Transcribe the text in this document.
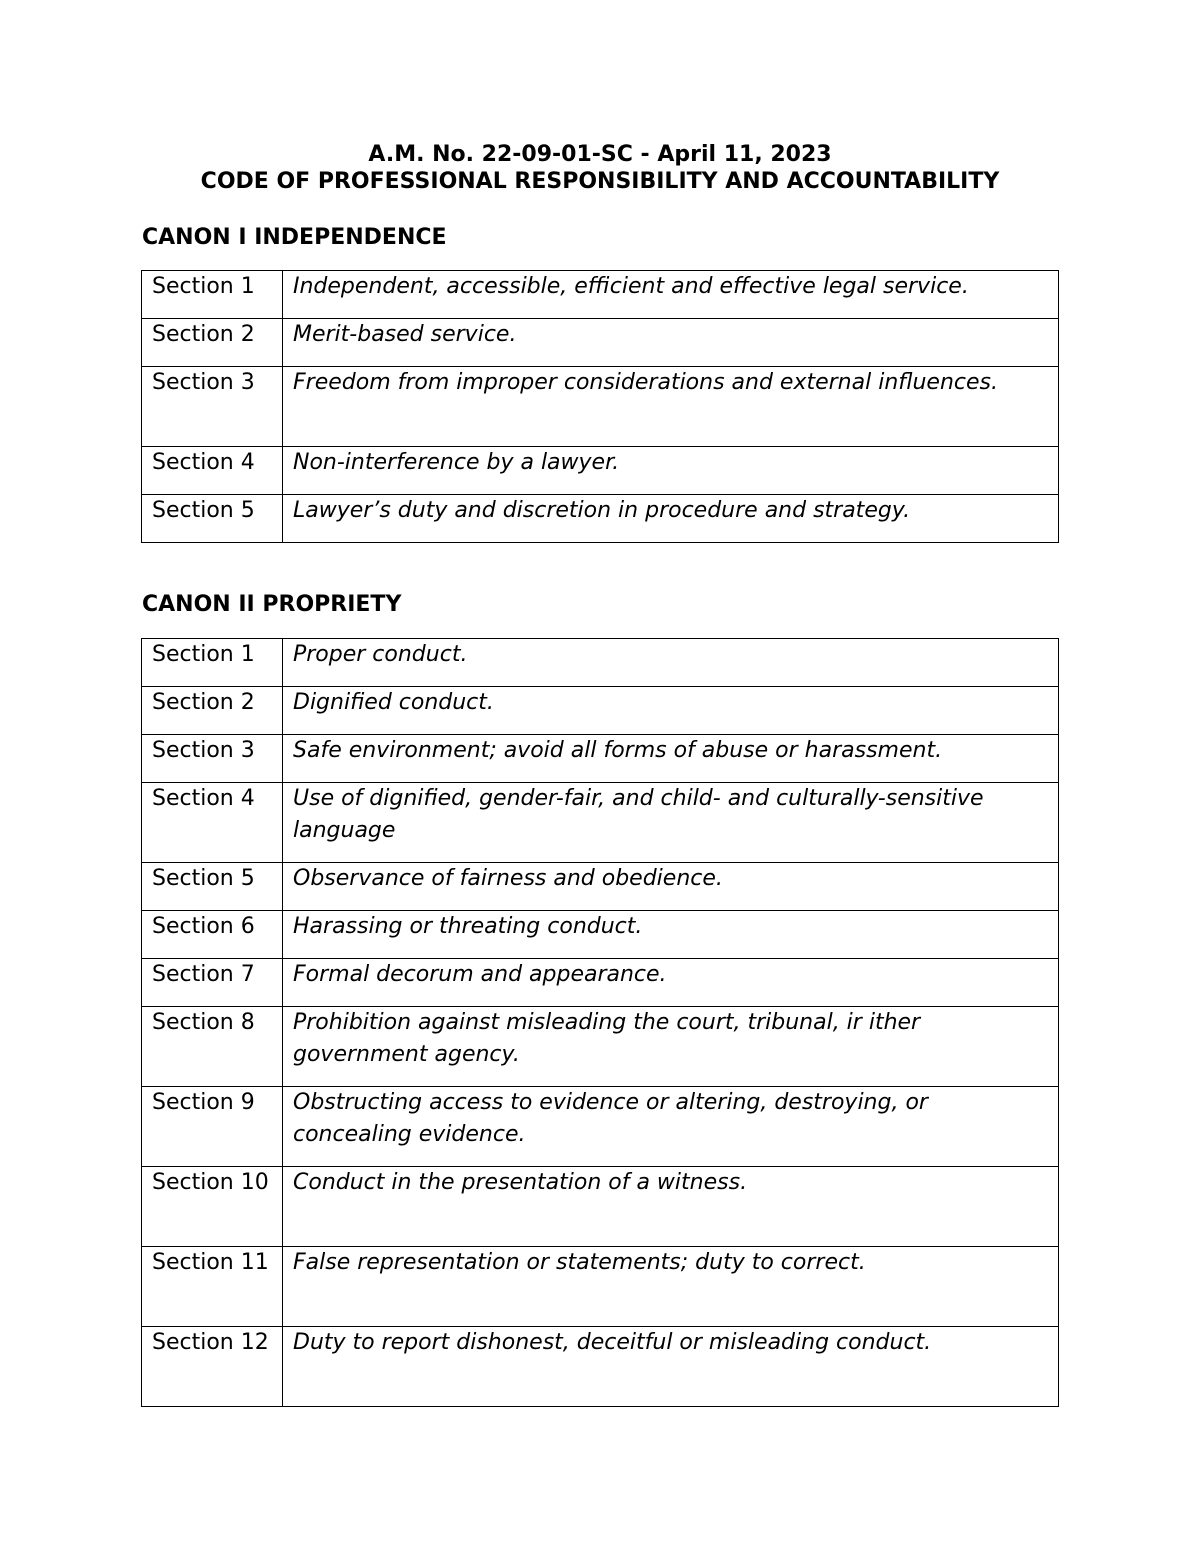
A.M. No. 22-09-01-SC - April 11, 2023
CODE OF PROFESSIONAL RESPONSIBILITY AND ACCOUNTABILITY
CANON I INDEPENDENCE
Section 1	Independent, accessible, efficient and effective legal service.
Section 2	Merit-based service.
Section 3	Freedom from improper considerations and external influences.
Section 4	Non-interference by a lawyer.
Section 5	Lawyer’s duty and discretion in procedure and strategy.
CANON II PROPRIETY
Section 1	Proper conduct.
Section 2	Dignified conduct.
Section 3	Safe environment; avoid all forms of abuse or harassment.
Section 4	Use of dignified, gender-fair, and child- and culturally-sensitive language
Section 5	Observance of fairness and obedience.
Section 6	Harassing or threating conduct.
Section 7	Formal decorum and appearance.
Section 8	Prohibition against misleading the court, tribunal, ir ither government agency.
Section 9	Obstructing access to evidence or altering, destroying, or concealing evidence.
Section 10	Conduct in the presentation of a witness.
Section 11	False representation or statements; duty to correct.
Section 12	Duty to report dishonest, deceitful or misleading conduct.
